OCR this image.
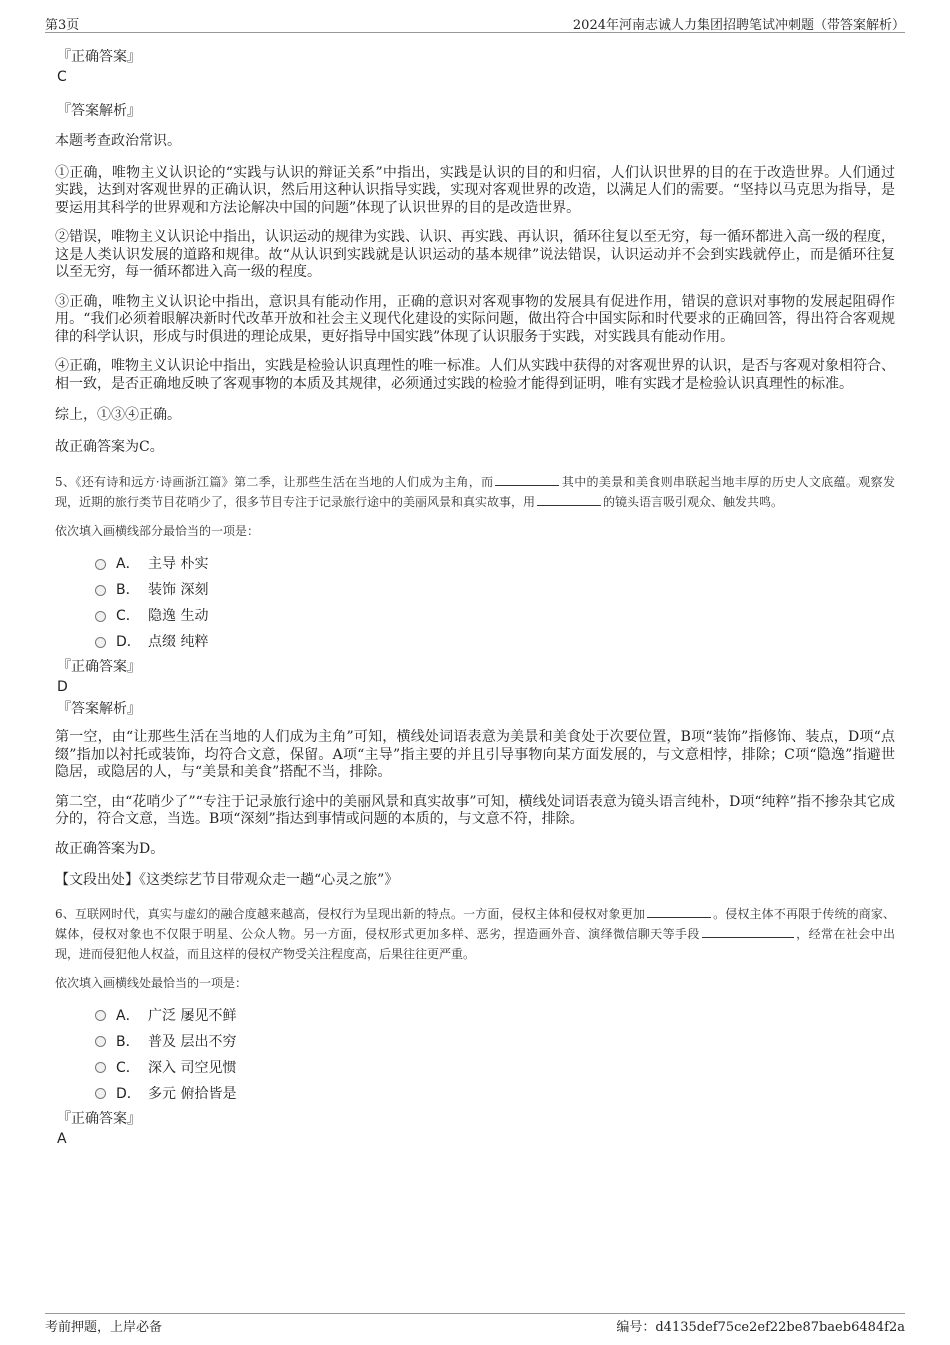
第3页	2024年河南志诚人力集团招聘笔试冲刺题（带答案解析）
『正确答案』
C
『答案解析』

本题考查政治常识。

①正确，唯物主义认识论的“实践与认识的辩证关系”中指出，实践是认识的目的和归宿，人们认识世界的目的在于改造世界。人们通过实践，达到对客观世界的正确认识，然后用这种认识指导实践，实现对客观世界的改造，以满足人们的需要。“坚持以马克思为指导，是要运用其科学的世界观和方法论解决中国的问题”体现了认识世界的目的是改造世界。

②错误，唯物主义认识论中指出，认识运动的规律为实践、认识、再实践、再认识，循环往复以至无穷，每一循环都进入高一级的程度，这是人类认识发展的道路和规律。故“从认识到实践就是认识运动的基本规律”说法错误，认识运动并不会到实践就停止，而是循环往复以至无穷，每一循环都进入高一级的程度。

③正确，唯物主义认识论中指出，意识具有能动作用，正确的意识对客观事物的发展具有促进作用，错误的意识对事物的发展起阻碍作用。“我们必须着眼解决新时代改革开放和社会主义现代化建设的实际问题，做出符合中国实际和时代要求的正确回答，得出符合客观规律的科学认识，形成与时俱进的理论成果，更好指导中国实践”体现了认识服务于实践，对实践具有能动作用。

④正确，唯物主义认识论中指出，实践是检验认识真理性的唯一标准。人们从实践中获得的对客观世界的认识，是否与客观对象相符合、相一致，是否正确地反映了客观事物的本质及其规律，必须通过实践的检验才能得到证明，唯有实践才是检验认识真理性的标准。

综上，①③④正确。

故正确答案为C。

5、《还有诗和远方·诗画浙江篇》第二季，让那些生活在当地的人们成为主角，而	其中的美景和美食则串联起当地丰厚的历史人文底蕴。观察发现，近期的旅行类节目花哨少了，很多节目专注于记录旅行途中的美丽风景和真实故事，用	的镜头语言吸引观众、触发共鸣。

依次填入画横线部分最恰当的一项是：

A． 主导 朴实
B． 装饰 深刻
C． 隐逸 生动
D． 点缀 纯粹
『正确答案』
D
『答案解析』

第一空，由“让那些生活在当地的人们成为主角”可知，横线处词语表意为美景和美食处于次要位置，B项“装饰”指修饰、装点，D项“点缀”指加以衬托或装饰，均符合文意，保留。A项“主导”指主要的并且引导事物向某方面发展的，与文意相悖，排除；C项“隐逸”指避世隐居，或隐居的人，与“美景和美食”搭配不当，排除。

第二空，由“花哨少了”“专注于记录旅行途中的美丽风景和真实故事”可知，横线处词语表意为镜头语言纯朴，D项“纯粹”指不掺杂其它成分的，符合文意，当选。B项“深刻”指达到事情或问题的本质的，与文意不符，排除。

故正确答案为D。

【文段出处】《这类综艺节目带观众走一趟“心灵之旅”》

6、互联网时代，真实与虚幻的融合度越来越高，侵权行为呈现出新的特点。一方面，侵权主体和侵权对象更加	。侵权主体不再限于传统的商家、媒体，侵权对象也不仅限于明星、公众人物。另一方面，侵权形式更加多样、恶劣，捏造画外音、演绎微信聊天等手段	，经常在社会中出现，进而侵犯他人权益，而且这样的侵权产物受关注程度高，后果往往更严重。

依次填入画横线处最恰当的一项是：

A． 广泛 屡见不鲜
B． 普及 层出不穷
C． 深入 司空见惯
D． 多元 俯拾皆是
『正确答案』
A
考前押题，上岸必备	编号：d4135def75ce2ef22be87baeb6484f2a
